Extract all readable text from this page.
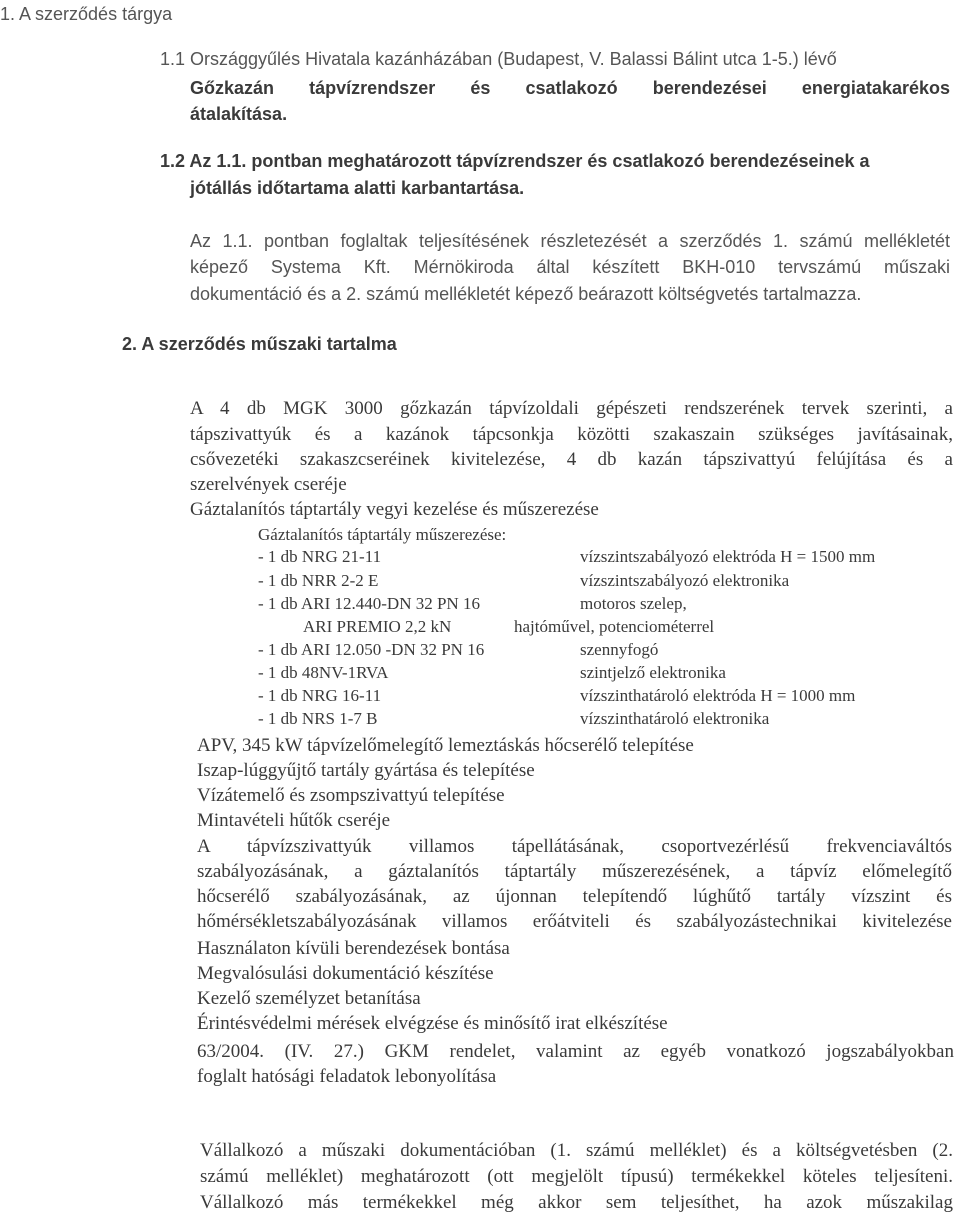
1. A szerződés tárgya
1.1 Országgyűlés Hivatala kazánházában (Budapest, V. Balassi Bálint utca 1-5.) lévő
Gőzkazán tápvízrendszer és csatlakozó berendezései energiatakarékos
átalakítása.
1.2 Az 1.1. pontban meghatározott tápvízrendszer és csatlakozó berendezéseinek a
jótállás időtartama alatti karbantartása.
Az 1.1. pontban foglaltak teljesítésének részletezését a szerződés 1. számú mellékletét
képező Systema Kft. Mérnökiroda által készített BKH-010 tervszámú műszaki
dokumentáció és a 2. számú mellékletét képező beárazott költségvetés tartalmazza.
2. A szerződés műszaki tartalma
A 4 db MGK 3000 gőzkazán tápvízoldali gépészeti rendszerének tervek szerinti, a
tápszivattyúk és a kazánok tápcsonkja közötti szakaszain szükséges javításainak,
csővezetéki szakaszcseréinek kivitelezése, 4 db kazán tápszivattyú felújítása és a
szerelvények cseréje
Gáztalanítós táptartály vegyi kezelése és műszerezése
Gáztalanítós táptartály műszerezése:
- 1 db NRG 21-11	vízszintszabályozó elektróda H = 1500 mm
- 1 db NRR 2-2 E	vízszintszabályozó elektronika
- 1 db ARI 12.440-DN 32 PN 16	motoros szelep,
ARI PREMIO 2,2 kN	hajtóművel, potenciométerrel
- 1 db ARI 12.050 -DN 32 PN 16	szennyfogó
- 1 db 48NV-1RVA	szintjelző elektronika
- 1 db NRG 16-11	vízszinthatároló elektróda H = 1000 mm
- 1 db NRS 1-7 B	vízszinthatároló elektronika
APV, 345 kW tápvízelőmelegítő lemeztáskás hőcserélő telepítése
Iszap-lúggyűjtő tartály gyártása és telepítése
Vízátemelő és zsompszivattyú telepítése
Mintavételi hűtők cseréje
A tápvízszivattyúk villamos tápellátásának, csoportvezérlésű frekvenciaváltós
szabályozásának, a gáztalanítós táptartály műszerezésének, a tápvíz előmelegítő
hőcserélő szabályozásának, az újonnan telepítendő lúghűtő tartály vízszint és
hőmérsékletszabályozásának villamos erőátviteli és szabályozástechnikai kivitelezése
Használaton kívüli berendezések bontása
Megvalósulási dokumentáció készítése
Kezelő személyzet betanítása
Érintésvédelmi mérések elvégzése és minősítő irat elkészítése
63/2004. (IV. 27.) GKM rendelet, valamint az egyéb vonatkozó jogszabályokban
foglalt hatósági feladatok lebonyolítása
Vállalkozó a műszaki dokumentációban (1. számú melléklet) és a költségvetésben (2.
számú melléklet) meghatározott (ott megjelölt típusú) termékekkel köteles teljesíteni.
Vállalkozó más termékekkel még akkor sem teljesíthet, ha azok műszakilag
